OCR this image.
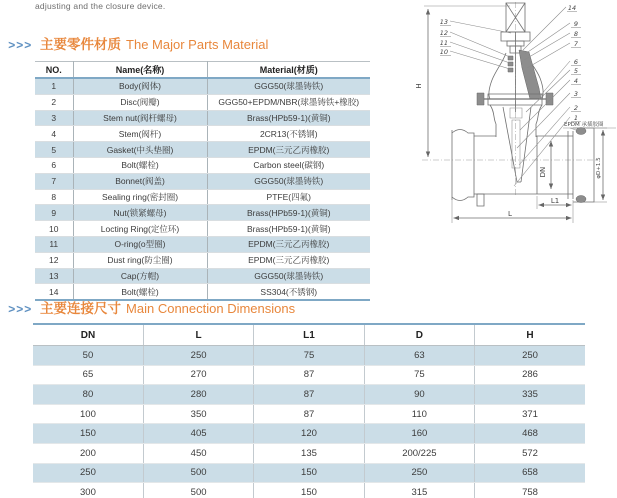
adjusting and the closure device.
>>> 主要零件材质 The Major Parts Material
NO.	Name(名称)	Material(材质)
1	Body(阀体)	GGG50(球墨铸铁)
2	Disc(阀瓣)	GGG50+EPDM/NBR(球墨铸铁+橡胶)
3	Stem nut(阀杆螺母)	Brass(HPb59-1)(黄铜)
4	Stem(阀杆)	2CR13(不锈钢)
5	Gasket(中头垫圈)	EPDM(三元乙丙橡胶)
6	Bolt(螺栓)	Carbon steel(碳钢)
7	Bonnet(阀盖)	GGG50(球墨铸铁)
8	Sealing ring(密封圈)	PTFE(四氟)
9	Nut(锁紧螺母)	Brass(HPb59-1)(黄铜)
10	Locting Ring(定位环)	Brass(HPb59-1)(黄铜)
11	O-ring(o型圈)	EPDM(三元乙丙橡胶)
12	Dust ring(防尘圈)	EPDM(三元乙丙橡胶)
13	Cap(方帽)	GGG50(球墨铸铁)
14	Bolt(螺栓)	SS304(不锈钢)
H
DN
L1
L
φD+1.5
EPDM 承插胶圈
14
9
8
7
6
5
4
3
2
1
13
12
11
10
>>> 主要连接尺寸 Main Connection Dimensions
DN	L	L1	D	H
50	250	75	63	250
65	270	87	75	286
80	280	87	90	335
100	350	87	110	371
150	405	120	160	468
200	450	135	200/225	572
250	500	150	250	658
300	500	150	315	758
